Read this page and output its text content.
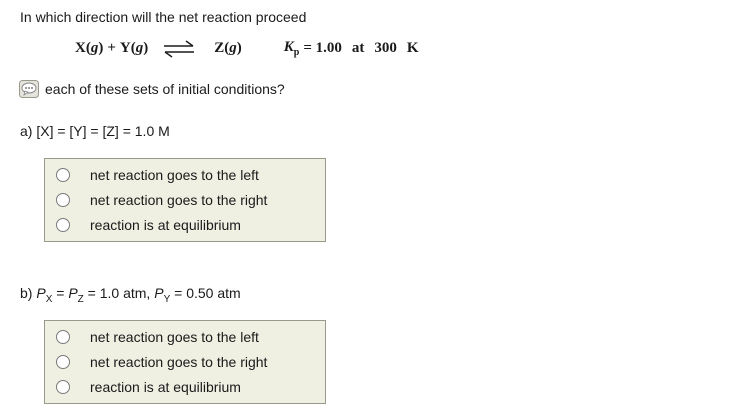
In which direction will the net reaction proceed
X(g) + Y(g) ⇌ Z(g)	$K_p = 1.00$ at 300 K
each of these sets of initial conditions?
a) [X] = [Y] = [Z] = 1.0 M
net reaction goes to the left
net reaction goes to the right
reaction is at equilibrium
b) $P_X = P_Z = 1.0$ atm, $P_Y = 0.50$ atm
net reaction goes to the left
net reaction goes to the right
reaction is at equilibrium
